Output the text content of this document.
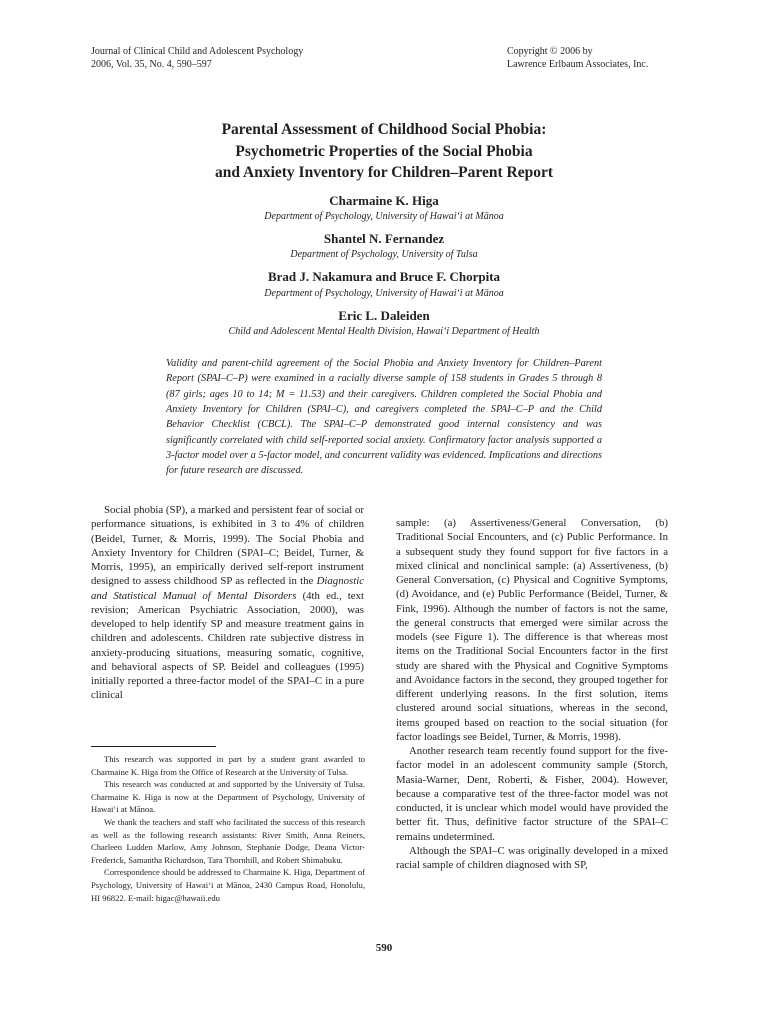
Journal of Clinical Child and Adolescent Psychology
2006, Vol. 35, No. 4, 590–597
Copyright © 2006 by
Lawrence Erlbaum Associates, Inc.
Parental Assessment of Childhood Social Phobia:
Psychometric Properties of the Social Phobia
and Anxiety Inventory for Children–Parent Report
Charmaine K. Higa
Department of Psychology, University of Hawai‘i at Mānoa
Shantel N. Fernandez
Department of Psychology, University of Tulsa
Brad J. Nakamura and Bruce F. Chorpita
Department of Psychology, University of Hawai‘i at Mānoa
Eric L. Daleiden
Child and Adolescent Mental Health Division, Hawai‘i Department of Health
Validity and parent-child agreement of the Social Phobia and Anxiety Inventory for Children–Parent Report (SPAI–C–P) were examined in a racially diverse sample of 158 students in Grades 5 through 8 (87 girls; ages 10 to 14; M = 11.53) and their caregivers. Children completed the Social Phobia and Anxiety Inventory for Children (SPAI–C), and caregivers completed the SPAI–C–P and the Child Behavior Checklist (CBCL). The SPAI–C–P demonstrated good internal consistency and was significantly correlated with child self-reported social anxiety. Confirmatory factor analysis supported a 3-factor model over a 5-factor model, and concurrent validity was evidenced. Implications and directions for future research are discussed.

Social phobia (SP), a marked and persistent fear of social or performance situations, is exhibited in 3 to 4% of children (Beidel, Turner, & Morris, 1999). The Social Phobia and Anxiety Inventory for Children (SPAI–C; Beidel, Turner, & Morris, 1995), an empirically derived self-report instrument designed to assess childhood SP as reflected in the Diagnostic and Statistical Manual of Mental Disorders (4th ed., text revision; American Psychiatric Association, 2000), was developed to help identify SP and measure treatment gains in children and adolescents. Children rate subjective distress in anxiety-producing situations, measuring somatic, cognitive, and behavioral aspects of SP. Beidel and colleagues (1995) initially reported a three-factor model of the SPAI–C in a pure clinical

This research was supported in part by a student grant awarded to Charmaine K. Higa from the Office of Research at the University of Tulsa.

This research was conducted at and supported by the University of Tulsa. Charmaine K. Higa is now at the Department of Psychology, University of Hawai‘i at Mānoa.

We thank the teachers and staff who facilitated the success of this research as well as the following research assistants: River Smith, Anna Reiners, Charleen Ludden Marlow, Amy Johnson, Stephanie Dodge, Deana Victor-Frederick, Samantha Richardson, Tara Thornhill, and Robert Shimabuku.

Correspondence should be addressed to Charmaine K. Higa, Department of Psychology, University of Hawai‘i at Mānoa, 2430 Campus Road, Honolulu, HI 96822. E-mail: higac@hawaii.edu

sample: (a) Assertiveness/General Conversation, (b) Traditional Social Encounters, and (c) Public Performance. In a subsequent study they found support for five factors in a mixed clinical and nonclinical sample: (a) Assertiveness, (b) General Conversation, (c) Physical and Cognitive Symptoms, (d) Avoidance, and (e) Public Performance (Beidel, Turner, & Fink, 1996). Although the number of factors is not the same, the general constructs that emerged were similar across the models (see Figure 1). The difference is that whereas most items on the Traditional Social Encounters factor in the first study are shared with the Physical and Cognitive Symptoms and Avoidance factors in the second, they grouped together for different underlying reasons. In the first solution, items clustered around social situations, whereas in the second, items grouped based on reaction to the social situation (for factor loadings see Beidel, Turner, & Morris, 1998).

Another research team recently found support for the five-factor model in an adolescent community sample (Storch, Masia-Warner, Dent, Roberti, & Fisher, 2004). However, because a comparative test of the three-factor model was not conducted, it is unclear which model would have provided the better fit. Thus, definitive factor structure of the SPAI–C remains undetermined.

Although the SPAI–C was originally developed in a mixed racial sample of children diagnosed with SP,

590
